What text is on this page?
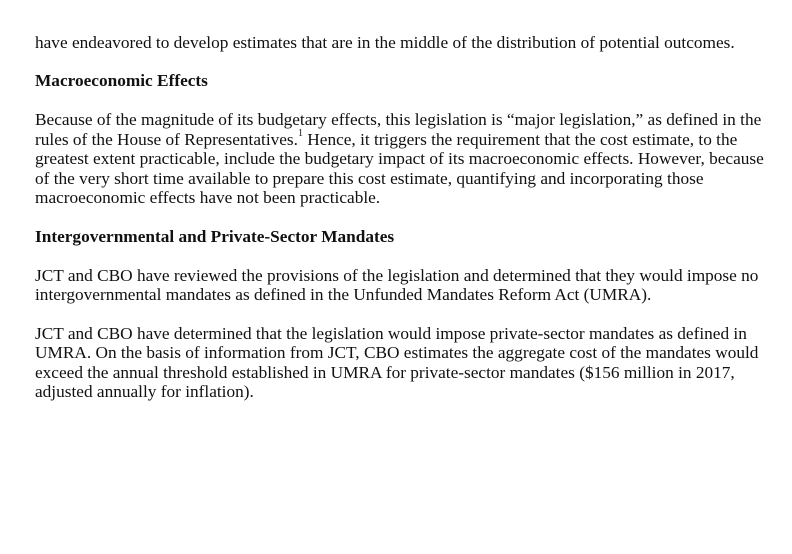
have endeavored to develop estimates that are in the middle of the distribution of potential outcomes.

Macroeconomic Effects

Because of the magnitude of its budgetary effects, this legislation is “major legislation,” as defined in the rules of the House of Representatives.$^1$ Hence, it triggers the requirement that the cost estimate, to the greatest extent practicable, include the budgetary impact of its macroeconomic effects. However, because of the very short time available to prepare this cost estimate, quantifying and incorporating those macroeconomic effects have not been practicable.

Intergovernmental and Private-Sector Mandates

JCT and CBO have reviewed the provisions of the legislation and determined that they would impose no intergovernmental mandates as defined in the Unfunded Mandates Reform Act (UMRA).

JCT and CBO have determined that the legislation would impose private-sector mandates as defined in UMRA. On the basis of information from JCT, CBO estimates the aggregate cost of the mandates would exceed the annual threshold established in UMRA for private-sector mandates ($156 million in 2017, adjusted annually for inflation).
